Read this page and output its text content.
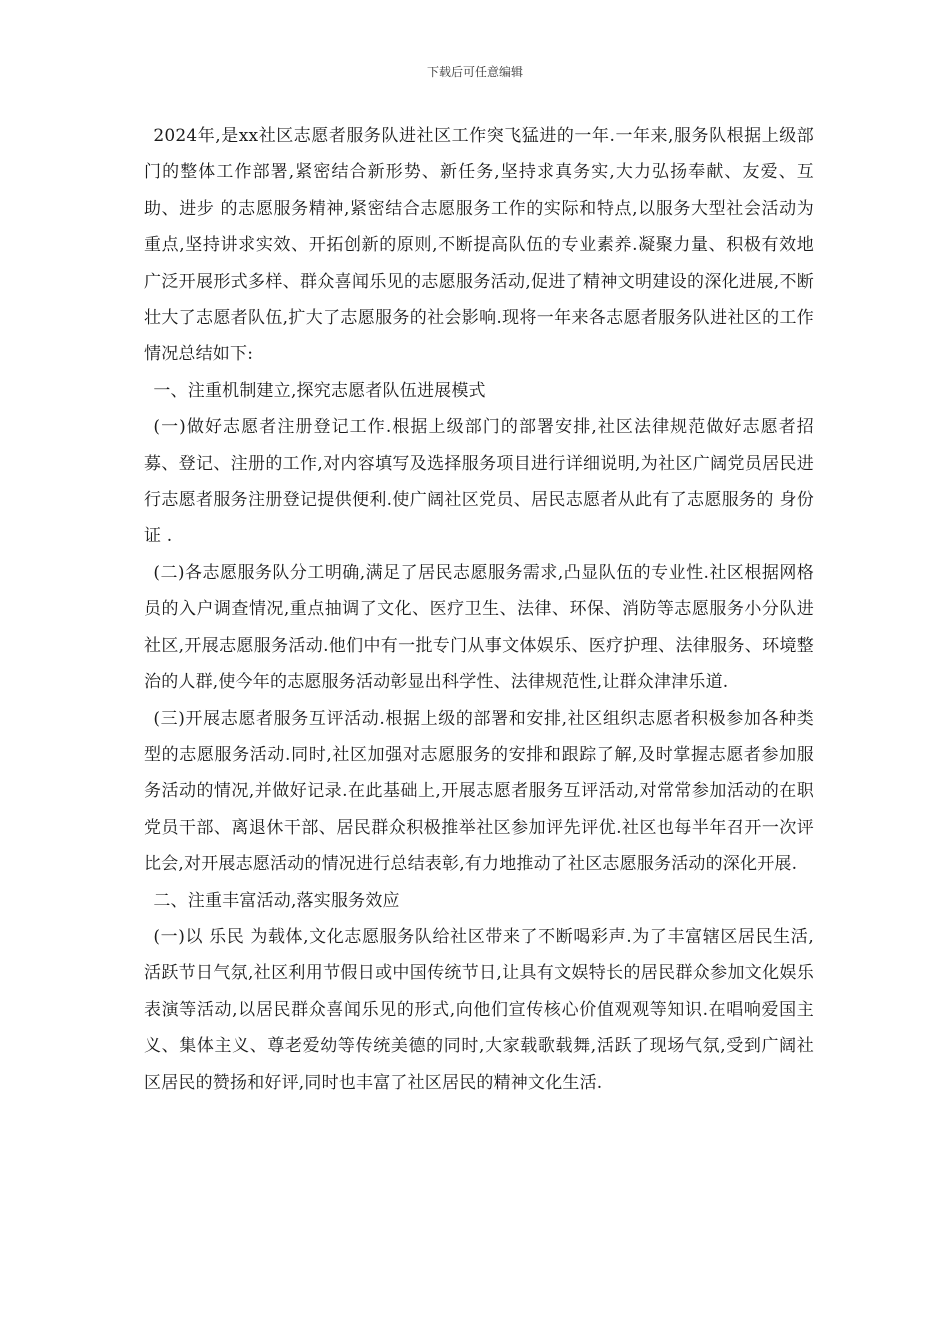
下载后可任意编辑

2024年,是xx社区志愿者服务队进社区工作突飞猛进的一年.一年来,服务队根据上级部门的整体工作部署,紧密结合新形势、新任务,坚持求真务实,大力弘扬奉献、友爱、互助、进步 的志愿服务精神,紧密结合志愿服务工作的实际和特点,以服务大型社会活动为重点,坚持讲求实效、开拓创新的原则,不断提高队伍的专业素养.凝聚力量、积极有效地广泛开展形式多样、群众喜闻乐见的志愿服务活动,促进了精神文明建设的深化进展,不断壮大了志愿者队伍,扩大了志愿服务的社会影响.现将一年来各志愿者服务队进社区的工作情况总结如下:

一、注重机制建立,探究志愿者队伍进展模式

(一)做好志愿者注册登记工作.根据上级部门的部署安排,社区法律规范做好志愿者招募、登记、注册的工作,对内容填写及选择服务项目进行详细说明,为社区广阔党员居民进行志愿者服务注册登记提供便利.使广阔社区党员、居民志愿者从此有了志愿服务的 身份证 .

(二)各志愿服务队分工明确,满足了居民志愿服务需求,凸显队伍的专业性.社区根据网格员的入户调查情况,重点抽调了文化、医疗卫生、法律、环保、消防等志愿服务小分队进社区,开展志愿服务活动.他们中有一批专门从事文体娱乐、医疗护理、法律服务、环境整治的人群,使今年的志愿服务活动彰显出科学性、法律规范性,让群众津津乐道.

(三)开展志愿者服务互评活动.根据上级的部署和安排,社区组织志愿者积极参加各种类型的志愿服务活动.同时,社区加强对志愿服务的安排和跟踪了解,及时掌握志愿者参加服务活动的情况,并做好记录.在此基础上,开展志愿者服务互评活动,对常常参加活动的在职党员干部、离退休干部、居民群众积极推举社区参加评先评优.社区也每半年召开一次评比会,对开展志愿活动的情况进行总结表彰,有力地推动了社区志愿服务活动的深化开展.

二、注重丰富活动,落实服务效应

(一)以 乐民 为载体,文化志愿服务队给社区带来了不断喝彩声.为了丰富辖区居民生活,活跃节日气氛,社区利用节假日或中国传统节日,让具有文娱特长的居民群众参加文化娱乐表演等活动,以居民群众喜闻乐见的形式,向他们宣传核心价值观观等知识.在唱响爱国主义、集体主义、尊老爱幼等传统美德的同时,大家载歌载舞,活跃了现场气氛,受到广阔社区居民的赞扬和好评,同时也丰富了社区居民的精神文化生活.
